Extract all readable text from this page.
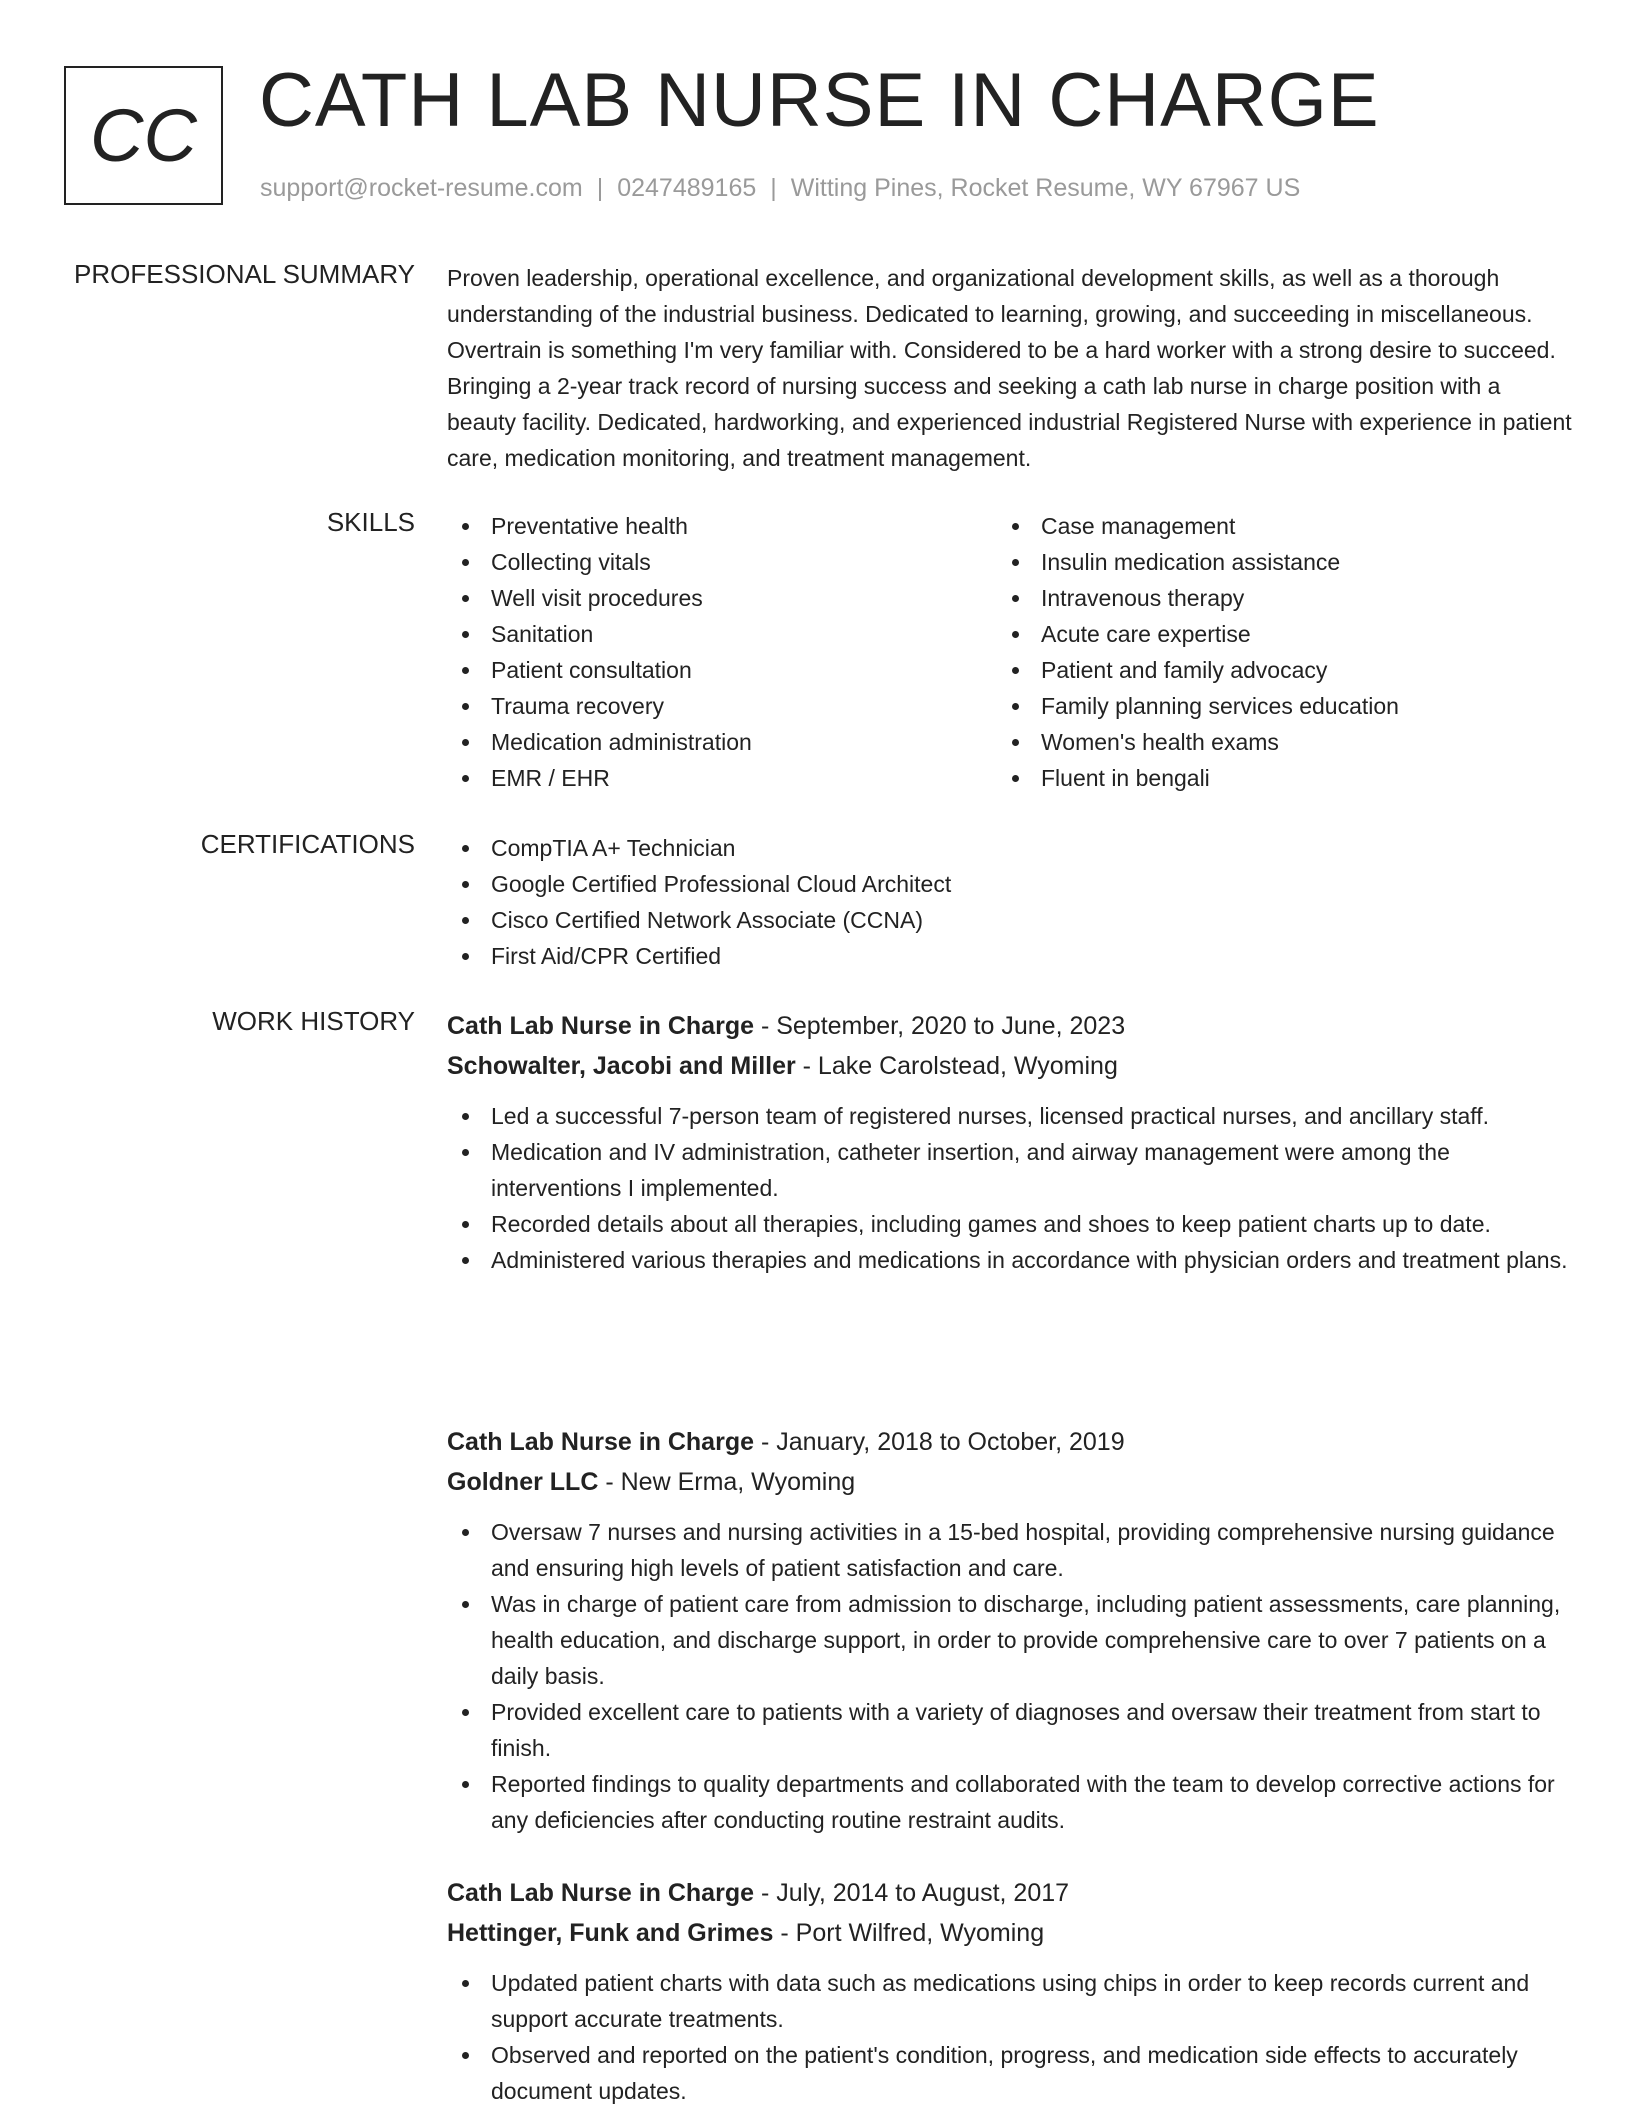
CC CATH LAB NURSE IN CHARGE
support@rocket-resume.com | 0247489165 | Witting Pines, Rocket Resume, WY 67967 US
PROFESSIONAL SUMMARY Proven leadership, operational excellence, and organizational development skills, as well as a thorough understanding of the industrial business. Dedicated to learning, growing, and succeeding in miscellaneous. Overtrain is something I'm very familiar with. Considered to be a hard worker with a strong desire to succeed. Bringing a 2-year track record of nursing success and seeking a cath lab nurse in charge position with a beauty facility. Dedicated, hardworking, and experienced industrial Registered Nurse with experience in patient care, medication monitoring, and treatment management.

SKILLS	Preventative health
Collecting vitals
Well visit procedures
Sanitation
Patient consultation
Trauma recovery
Medication administration
EMR / EHR
Case management
Insulin medication assistance
Intravenous therapy
Acute care expertise
Patient and family advocacy
Family planning services education
Women's health exams
Fluent in bengali
CERTIFICATIONS	CompTIA A+ Technician
Google Certified Professional Cloud Architect
Cisco Certified Network Associate (CCNA)
First Aid/CPR Certified
WORK HISTORY Cath Lab Nurse in Charge - September, 2020 to June, 2023
Schowalter, Jacobi and Miller - Lake Carolstead, Wyoming
Led a successful 7-person team of registered nurses, licensed practical nurses, and ancillary staff.
Medication and IV administration, catheter insertion, and airway management were among the interventions I implemented.
Recorded details about all therapies, including games and shoes to keep patient charts up to date.
Administered various therapies and medications in accordance with physician orders and treatment plans.
Cath Lab Nurse in Charge - January, 2018 to October, 2019
Goldner LLC - New Erma, Wyoming
Oversaw 7 nurses and nursing activities in a 15-bed hospital, providing comprehensive nursing guidance and ensuring high levels of patient satisfaction and care.
Was in charge of patient care from admission to discharge, including patient assessments, care planning, health education, and discharge support, in order to provide comprehensive care to over 7 patients on a daily basis.
Provided excellent care to patients with a variety of diagnoses and oversaw their treatment from start to finish.
Reported findings to quality departments and collaborated with the team to develop corrective actions for any deficiencies after conducting routine restraint audits.
Cath Lab Nurse in Charge - July, 2014 to August, 2017
Hettinger, Funk and Grimes - Port Wilfred, Wyoming
Updated patient charts with data such as medications using chips in order to keep records current and support accurate treatments.
Observed and reported on the patient's condition, progress, and medication side effects to accurately document updates.
